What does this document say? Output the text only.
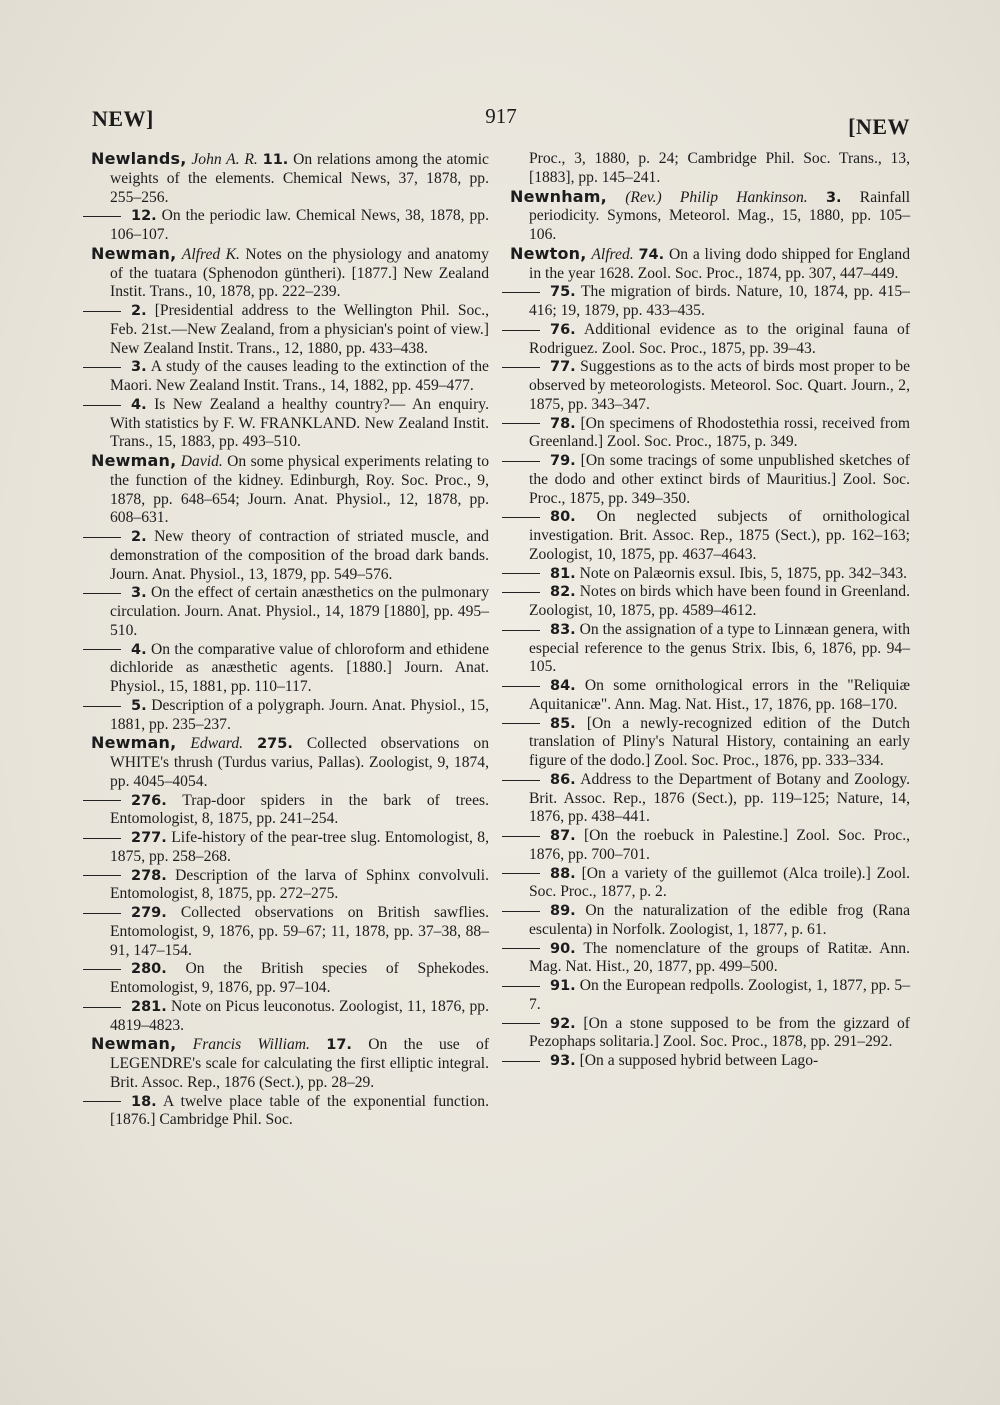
NEW]	917	[NEW

Newlands, John A. R. 11. On relations among the atomic weights of the elements. Chemical News, 37, 1878, pp. 255–256.

12. On the periodic law. Chemical News, 38, 1878, pp. 106–107.

Newman, Alfred K. Notes on the physiology and anatomy of the tuatara (Sphenodon güntheri). [1877.] New Zealand Instit. Trans., 10, 1878, pp. 222–239.

2. [Presidential address to the Wellington Phil. Soc., Feb. 21st.—New Zealand, from a physician's point of view.] New Zealand Instit. Trans., 12, 1880, pp. 433–438.

3. A study of the causes leading to the extinction of the Maori. New Zealand Instit. Trans., 14, 1882, pp. 459–477.

4. Is New Zealand a healthy country?— An enquiry. With statistics by F. W. FRANKLAND. New Zealand Instit. Trans., 15, 1883, pp. 493–510.

Newman, David. On some physical experiments relating to the function of the kidney. Edinburgh, Roy. Soc. Proc., 9, 1878, pp. 648–654; Journ. Anat. Physiol., 12, 1878, pp. 608–631.

2. New theory of contraction of striated muscle, and demonstration of the composition of the broad dark bands. Journ. Anat. Physiol., 13, 1879, pp. 549–576.

3. On the effect of certain anæsthetics on the pulmonary circulation. Journ. Anat. Physiol., 14, 1879 [1880], pp. 495–510.

4. On the comparative value of chloroform and ethidene dichloride as anæsthetic agents. [1880.] Journ. Anat. Physiol., 15, 1881, pp. 110–117.

5. Description of a polygraph. Journ. Anat. Physiol., 15, 1881, pp. 235–237.

Newman, Edward. 275. Collected observations on WHITE's thrush (Turdus varius, Pallas). Zoologist, 9, 1874, pp. 4045–4054.

276. Trap-door spiders in the bark of trees. Entomologist, 8, 1875, pp. 241–254.

277. Life-history of the pear-tree slug. Entomologist, 8, 1875, pp. 258–268.

278. Description of the larva of Sphinx convolvuli. Entomologist, 8, 1875, pp. 272–275.

279. Collected observations on British sawflies. Entomologist, 9, 1876, pp. 59–67; 11, 1878, pp. 37–38, 88–91, 147–154.

280. On the British species of Sphekodes. Entomologist, 9, 1876, pp. 97–104.

281. Note on Picus leuconotus. Zoologist, 11, 1876, pp. 4819–4823.

Newman, Francis William. 17. On the use of LEGENDRE's scale for calculating the first elliptic integral. Brit. Assoc. Rep., 1876 (Sect.), pp. 28–29.

18. A twelve place table of the exponential function. [1876.] Cambridge Phil. Soc.

Proc., 3, 1880, p. 24; Cambridge Phil. Soc. Trans., 13, [1883], pp. 145–241.

Newnham, (Rev.) Philip Hankinson. 3. Rainfall periodicity. Symons, Meteorol. Mag., 15, 1880, pp. 105–106.

Newton, Alfred. 74. On a living dodo shipped for England in the year 1628. Zool. Soc. Proc., 1874, pp. 307, 447–449.

75. The migration of birds. Nature, 10, 1874, pp. 415–416; 19, 1879, pp. 433–435.

76. Additional evidence as to the original fauna of Rodriguez. Zool. Soc. Proc., 1875, pp. 39–43.

77. Suggestions as to the acts of birds most proper to be observed by meteorologists. Meteorol. Soc. Quart. Journ., 2, 1875, pp. 343–347.

78. [On specimens of Rhodostethia rossi, received from Greenland.] Zool. Soc. Proc., 1875, p. 349.

79. [On some tracings of some unpublished sketches of the dodo and other extinct birds of Mauritius.] Zool. Soc. Proc., 1875, pp. 349–350.

80. On neglected subjects of ornithological investigation. Brit. Assoc. Rep., 1875 (Sect.), pp. 162–163; Zoologist, 10, 1875, pp. 4637–4643.

81. Note on Palæornis exsul. Ibis, 5, 1875, pp. 342–343.

82. Notes on birds which have been found in Greenland. Zoologist, 10, 1875, pp. 4589–4612.

83. On the assignation of a type to Linnæan genera, with especial reference to the genus Strix. Ibis, 6, 1876, pp. 94–105.

84. On some ornithological errors in the "Reliquiæ Aquitanicæ". Ann. Mag. Nat. Hist., 17, 1876, pp. 168–170.

85. [On a newly-recognized edition of the Dutch translation of Pliny's Natural History, containing an early figure of the dodo.] Zool. Soc. Proc., 1876, pp. 333–334.

86. Address to the Department of Botany and Zoology. Brit. Assoc. Rep., 1876 (Sect.), pp. 119–125; Nature, 14, 1876, pp. 438–441.

87. [On the roebuck in Palestine.] Zool. Soc. Proc., 1876, pp. 700–701.

88. [On a variety of the guillemot (Alca troile).] Zool. Soc. Proc., 1877, p. 2.

89. On the naturalization of the edible frog (Rana esculenta) in Norfolk. Zoologist, 1, 1877, p. 61.

90. The nomenclature of the groups of Ratitæ. Ann. Mag. Nat. Hist., 20, 1877, pp. 499–500.

91. On the European redpolls. Zoologist, 1, 1877, pp. 5–7.

92. [On a stone supposed to be from the gizzard of Pezophaps solitaria.] Zool. Soc. Proc., 1878, pp. 291–292.

93. [On a supposed hybrid between Lago-
